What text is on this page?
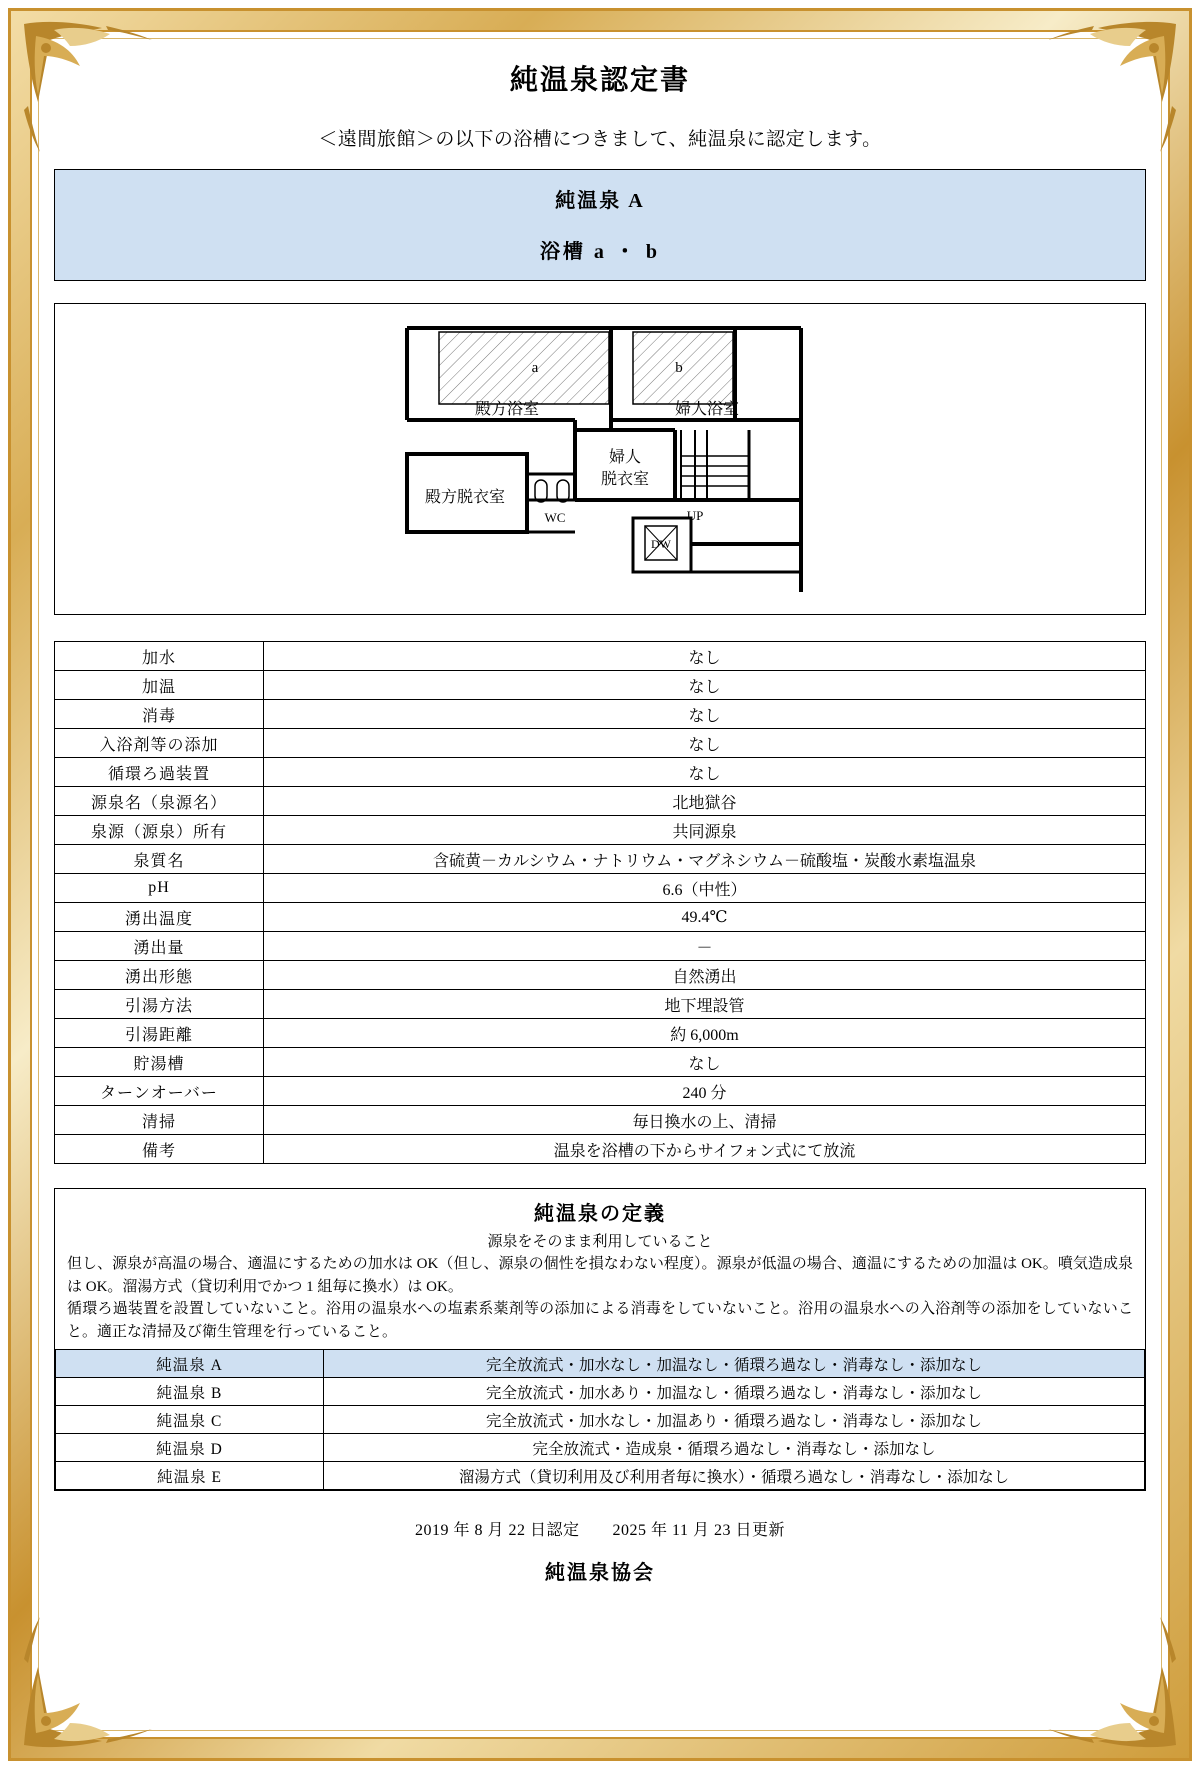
純温泉認定書
＜遠間旅館＞の以下の浴槽につきまして、純温泉に認定します。
純温泉 A
浴槽 a ・ b
a	b
殿方浴室	婦人浴室
婦人
脱衣室
殿方脱衣室
WC	UP
DW
加水	なし
加温	なし
消毒	なし
入浴剤等の添加	なし
循環ろ過装置	なし
源泉名（泉源名）	北地獄谷
泉源（源泉）所有	共同源泉
泉質名	含硫黄－カルシウム・ナトリウム・マグネシウム－硫酸塩・炭酸水素塩温泉
pH	6.6（中性）
湧出温度	49.4℃
湧出量	－
湧出形態	自然湧出
引湯方法	地下埋設管
引湯距離	約 6,000m
貯湯槽	なし
ターンオーバー	240 分
清掃	毎日換水の上、清掃
備考	温泉を浴槽の下からサイフォン式にて放流
純温泉の定義
源泉をそのまま利用していること
但し、源泉が高温の場合、適温にするための加水は OK（但し、源泉の個性を損なわない程度）。源泉が低温の場合、適温にするための加温は OK。噴気造成泉は OK。溜湯方式（貸切利用でかつ 1 組毎に換水）は OK。
循環ろ過装置を設置していないこと。浴用の温泉水への塩素系薬剤等の添加による消毒をしていないこと。浴用の温泉水への入浴剤等の添加をしていないこと。適正な清掃及び衛生管理を行っていること。
純温泉 A	完全放流式・加水なし・加温なし・循環ろ過なし・消毒なし・添加なし
純温泉 B	完全放流式・加水あり・加温なし・循環ろ過なし・消毒なし・添加なし
純温泉 C	完全放流式・加水なし・加温あり・循環ろ過なし・消毒なし・添加なし
純温泉 D	完全放流式・造成泉・循環ろ過なし・消毒なし・添加なし
純温泉 E	溜湯方式（貸切利用及び利用者毎に換水）・循環ろ過なし・消毒なし・添加なし
2019 年 8 月 22 日認定　　2025 年 11 月 23 日更新
純温泉協会
